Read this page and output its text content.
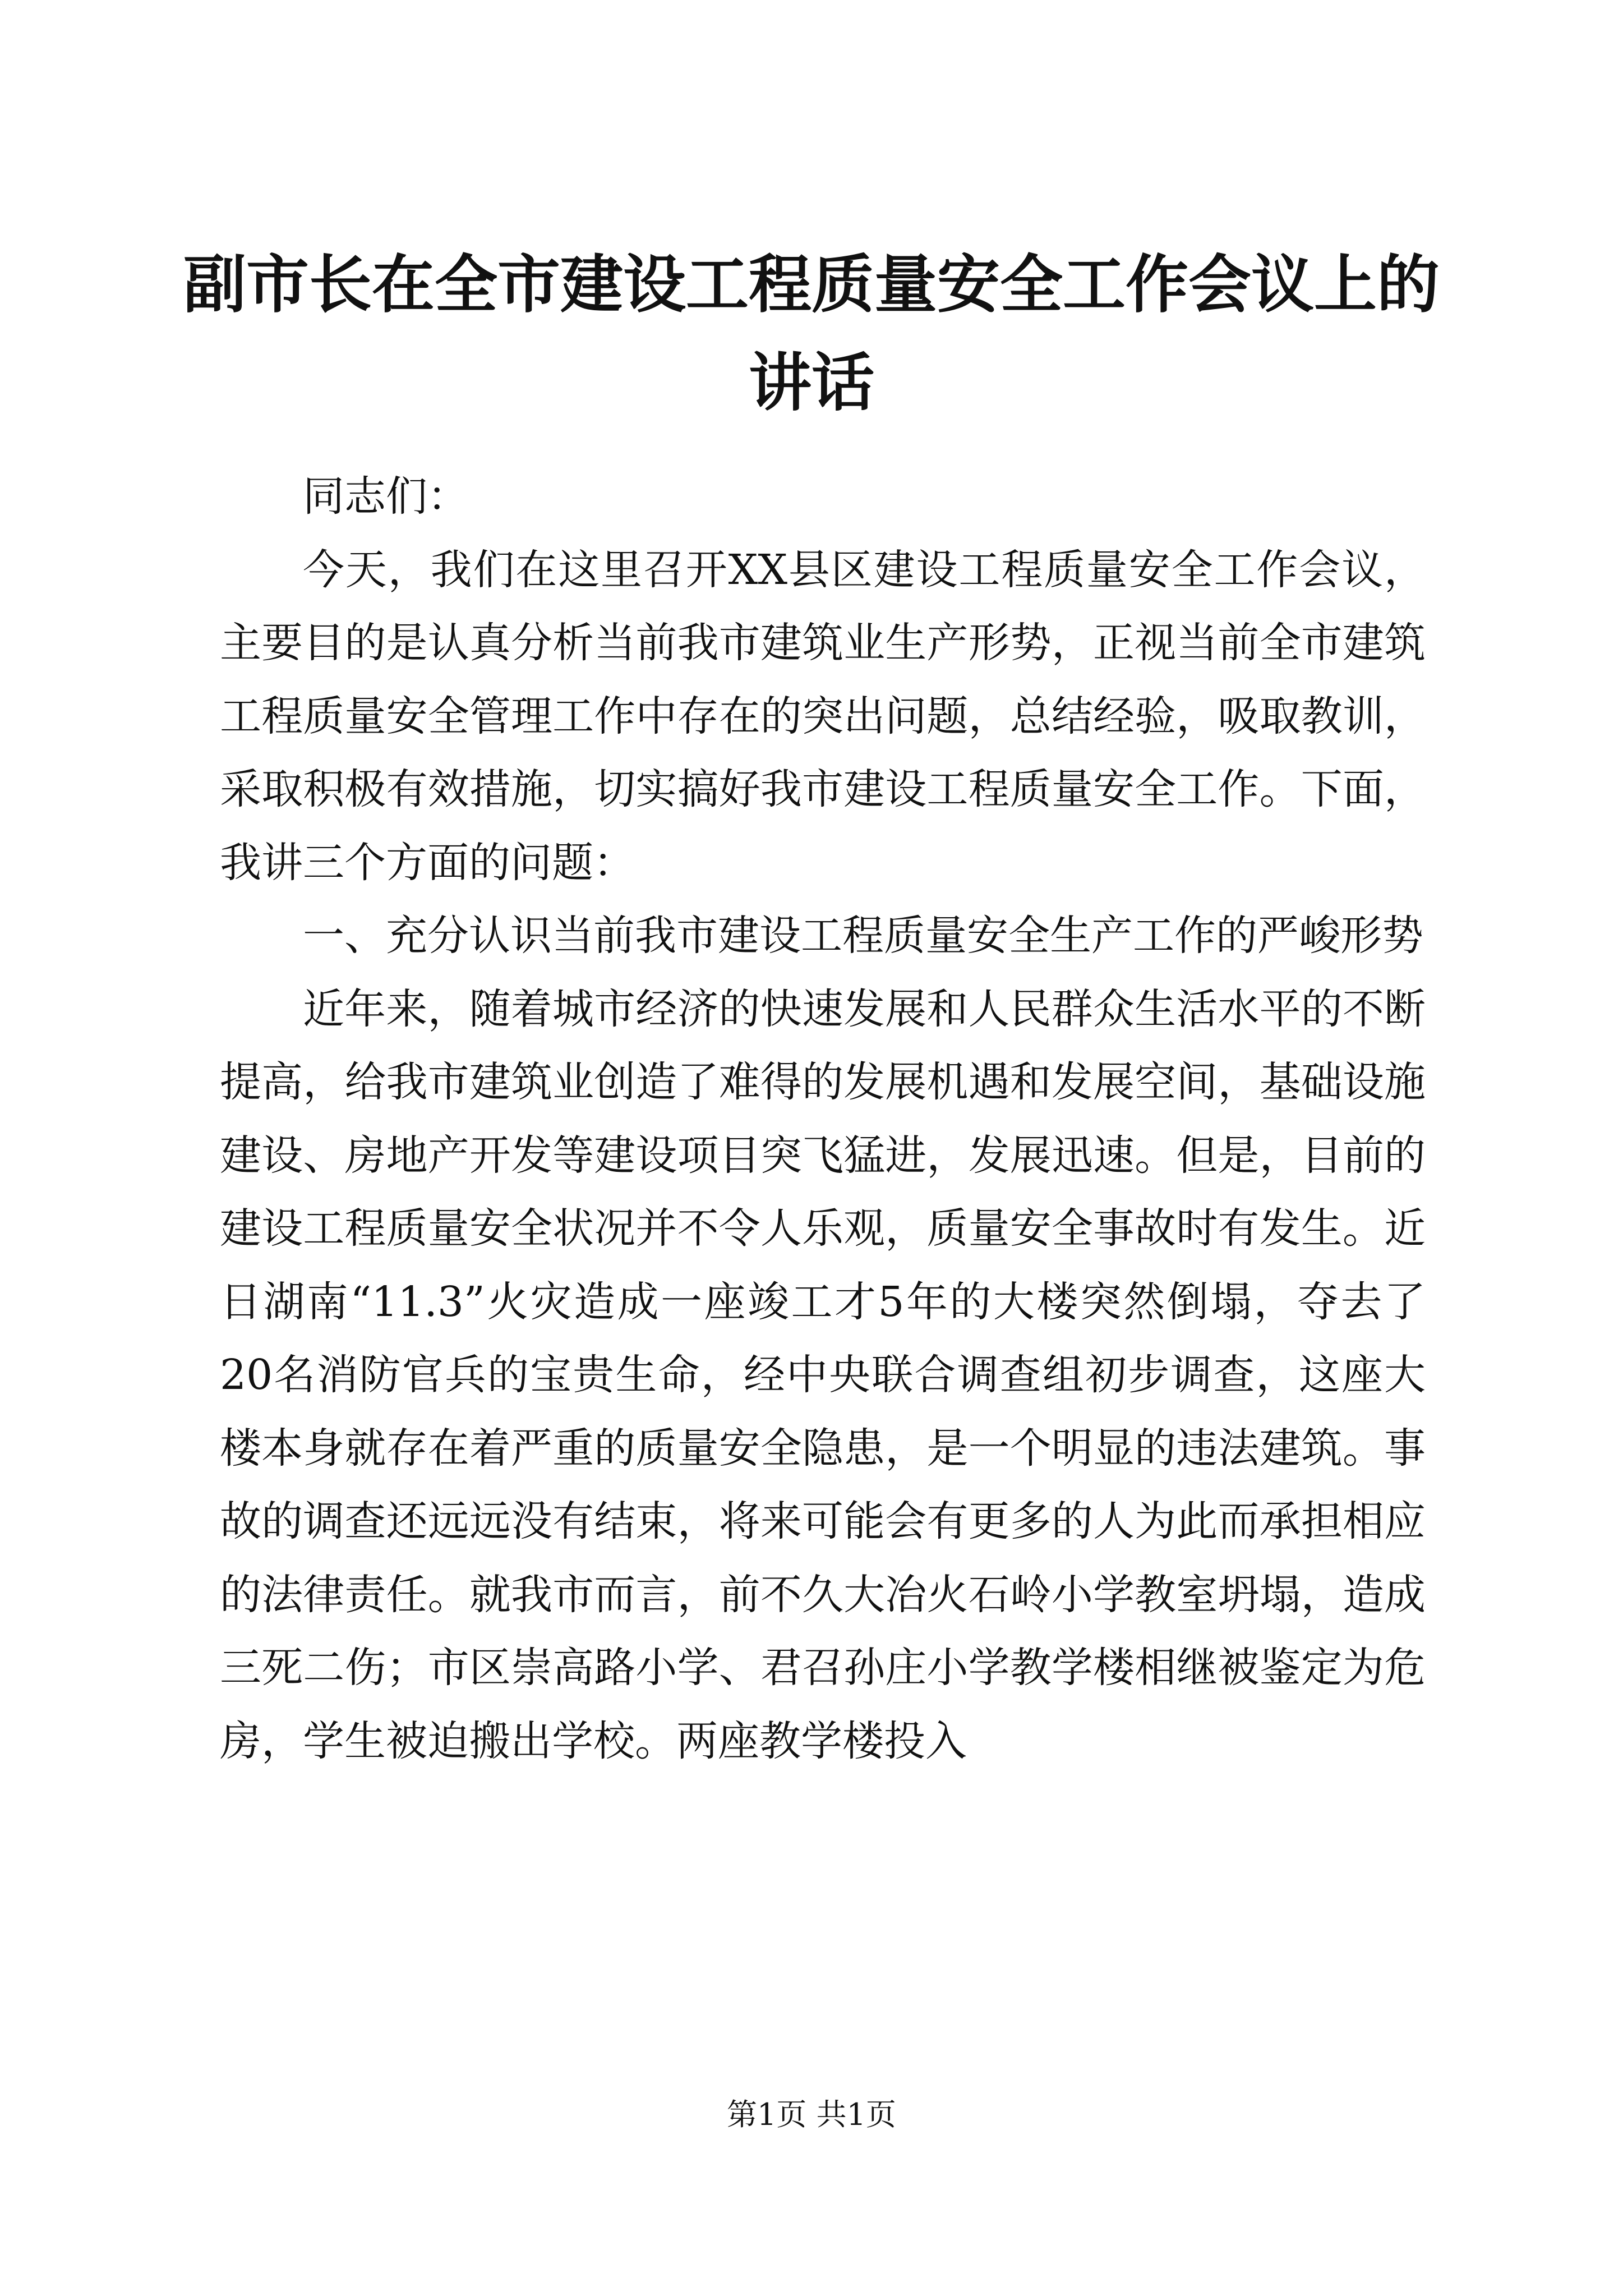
副市长在全市建设工程质量安全工作会议上的讲话

同志们：

今天，我们在这里召开XX县区建设工程质量安全工作会议，主要目的是认真分析当前我市建筑业生产形势，正视当前全市建筑工程质量安全管理工作中存在的突出问题，总结经验，吸取教训，采取积极有效措施，切实搞好我市建设工程质量安全工作。下面，我讲三个方面的问题：

一、充分认识当前我市建设工程质量安全生产工作的严峻形势

近年来，随着城市经济的快速发展和人民群众生活水平的不断提高，给我市建筑业创造了难得的发展机遇和发展空间，基础设施建设、房地产开发等建设项目突飞猛进，发展迅速。但是，目前的建设工程质量安全状况并不令人乐观，质量安全事故时有发生。近日湖南“11.3”火灾造成一座竣工才5年的大楼突然倒塌，夺去了20名消防官兵的宝贵生命，经中央联合调查组初步调查，这座大楼本身就存在着严重的质量安全隐患，是一个明显的违法建筑。事故的调查还远远没有结束，将来可能会有更多的人为此而承担相应的法律责任。就我市而言，前不久大冶火石岭小学教室坍塌，造成三死二伤；市区崇高路小学、君召孙庄小学教学楼相继被鉴定为危房，学生被迫搬出学校。两座教学楼投入

第1页 共1页
